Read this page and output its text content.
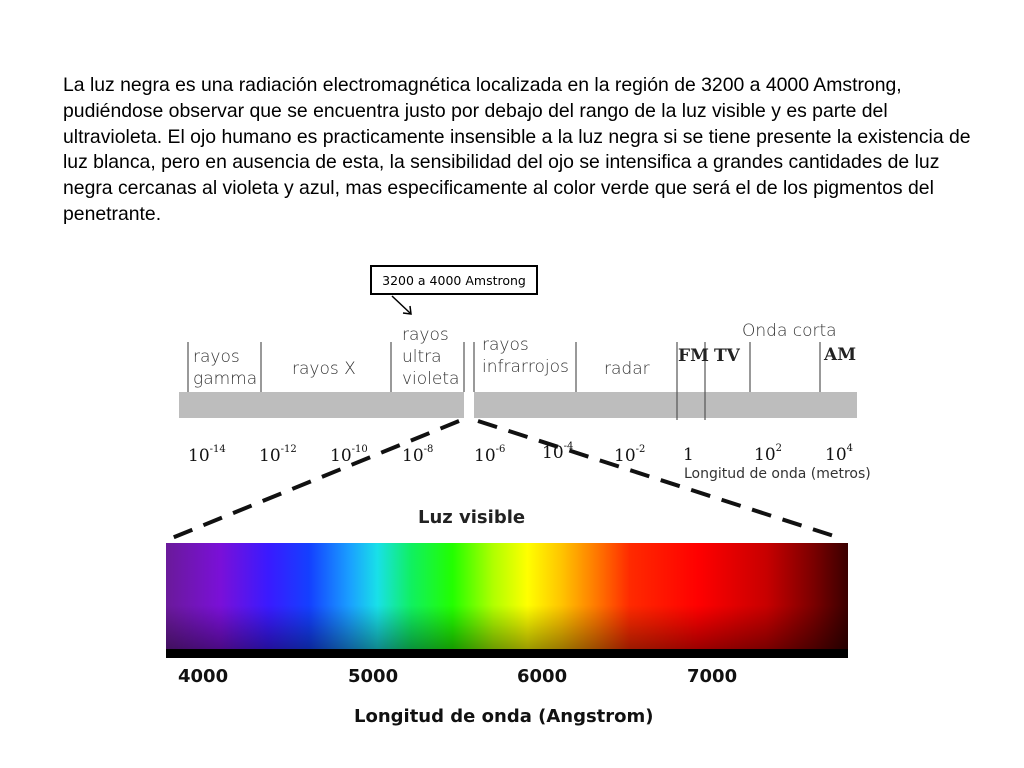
La luz negra es una radiación electromagnética localizada en la región de 3200 a 4000 Amstrong, pudiéndose observar que se encuentra justo por debajo del rango de la luz visible y es parte del ultravioleta. El ojo humano es practicamente insensible a la luz negra si se tiene presente la existencia de luz blanca, pero en ausencia de esta, la sensibilidad del ojo se intensifica a grandes cantidades de luz negra cercanas al violeta y azul, mas especificamente al color verde que será el de los pigmentos del penetrante.

Onda corta
rayos gamma rayos X
rayos ultra violeta
rayos infrarrojos radar
FM TV	AM
$10^{-14}$ $10^{-12}$ $10^{-10}$ $10^{-8}$ $10^{-6}$ $10^{-4}$ $10^{-2}$ 1	$10^2$	$10^4$
Longitud de onda (metros)
Luz visible
4000	5000	6000	7000
Longitud de onda (Angstrom)
3200 a 4000 Amstrong
